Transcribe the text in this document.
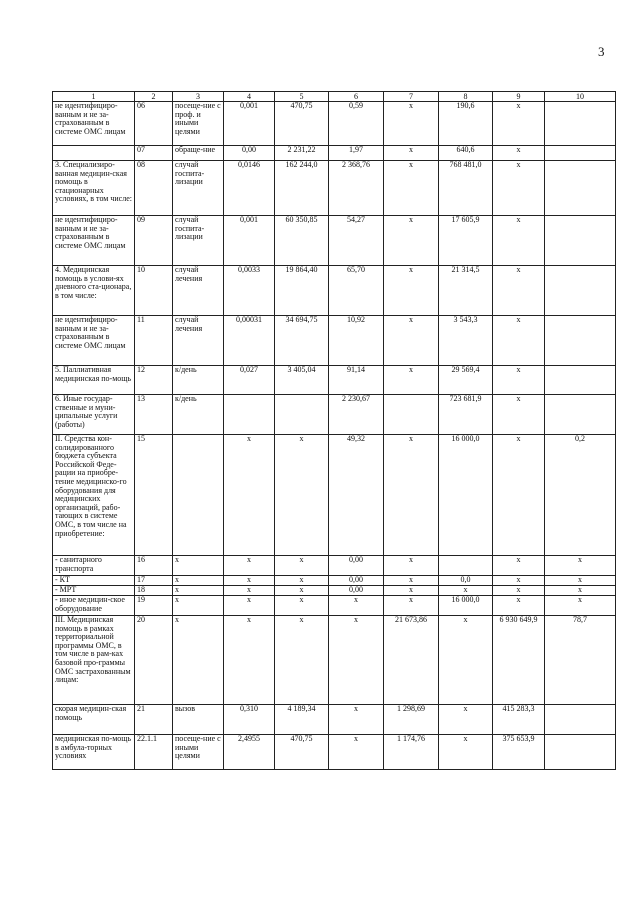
3
1	2	3	4	5	6	7	8	9	10
не идентифициро-ванным и не за-страхованным в системе ОМС лицам	06	посеще-ние с проф. и иными целями	0,001	470,75	0,59	х	190,6	х	
	07	обраще-ние	0,00	2 231,22	1,97	х	640,6	х	
3. Специализиро-ванная медицин-ская помощь в стационарных условиях, в том числе:	08	случай госпита-лизации	0,0146	162 244,0	2 368,76	х	768 481,0	х	
не идентифициро-ванным и не за-страхованным в системе ОМС лицам	09	случай госпита-лизации	0,001	60 350,85	54,27	х	17 605,9	х	
4. Медицинская помощь в услови-ях дневного ста-ционара, в том числе:	10	случай лечения	0,0033	19 864,40	65,70	х	21 314,5	х	
не идентифициро-ванным и не за-страхованным в системе ОМС лицам	11	случай лечения	0,00031	34 694,75	10,92	х	3 543,3	х	
5. Паллиативная медицинская по-мощь	12	к/день	0,027	3 405,04	91,14	х	29 569,4	х	
6. Иные государ-ственные и муни-ципальные услуги (работы)	13	к/день			2 230,67		723 681,9	х	
II. Средства кон-солидированного бюджета субъекта Российской Феде-рации на приобре-тение медицинско-го оборудования для медицинских организаций, рабо-тающих в системе ОМС, в том числе на приобретение:	15		х	х	49,32	х	16 000,0	х	0,2
- санитарного транспорта	16	х	х	х	0,00	х		х	х
- КТ	17	х	х	х	0,00	х	0,0	х	х
- МРТ	18	х	х	х	0,00	х	х	х	х
- иное медицин-ское оборудование	19	х	х	х	х	х	16 000,0	х	х
III. Медицинская помощь в рамках территориальной программы ОМС, в том числе в рам-ках базовой про-граммы ОМС застрахованным лицам:	20	х	х	х	х	21 673,86	х	6 930 649,9	78,7
скорая медицин-ская помощь	21	вызов	0,310	4 189,34	х	1 298,69	х	415 283,3	
медицинская по-мощь в амбула-торных условиях	22.1.1	посеще-ние с иными целями	2,4955	470,75	х	1 174,76	х	375 653,9	
